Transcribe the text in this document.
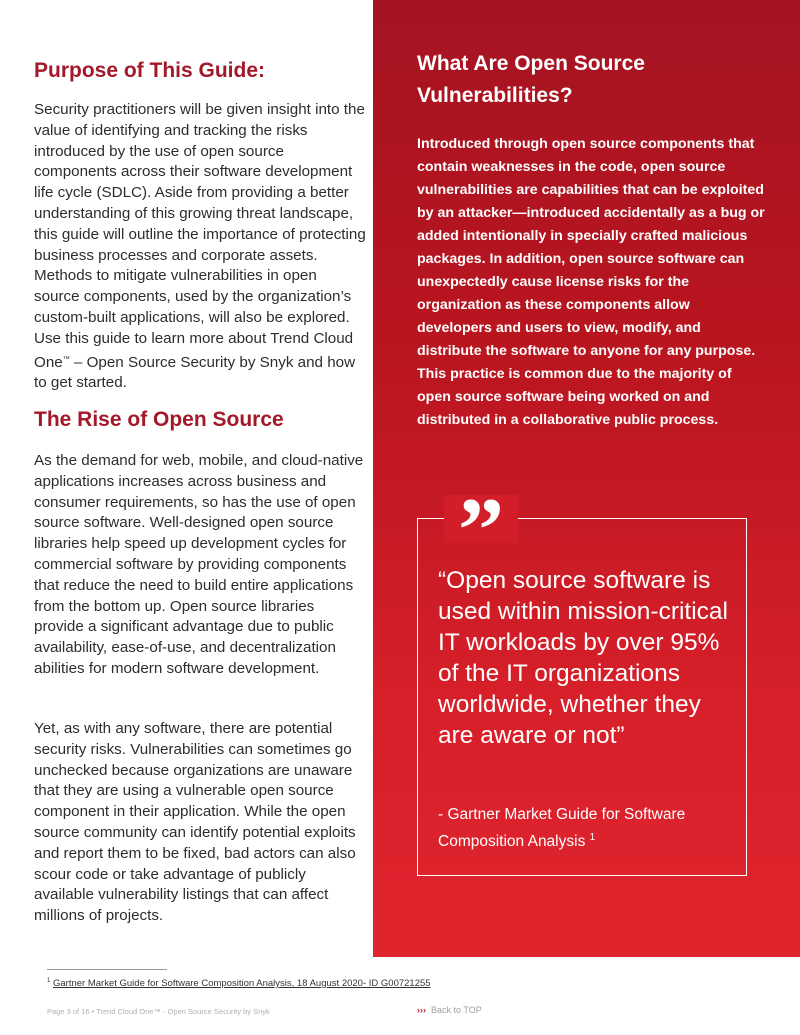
Purpose of This Guide:

Security practitioners will be given insight into the value of identifying and tracking the risks introduced by the use of open source components across their software development life cycle (SDLC). Aside from providing a better understanding of this growing threat landscape, this guide will outline the importance of protecting business processes and corporate assets. Methods to mitigate vulnerabilities in open source components, used by the organization’s custom-built applications, will also be explored. Use this guide to learn more about Trend Cloud One™ – Open Source Security by Snyk and how to get started.

The Rise of Open Source

As the demand for web, mobile, and cloud-native applications increases across business and consumer requirements, so has the use of open source software. Well-designed open source libraries help speed up development cycles for commercial software by providing components that reduce the need to build entire applications from the bottom up. Open source libraries provide a significant advantage due to public availability, ease-of-use, and decentralization abilities for modern software development.

Yet, as with any software, there are potential security risks. Vulnerabilities can sometimes go unchecked because organizations are unaware that they are using a vulnerable open source component in their application. While the open source community can identify potential exploits and report them to be fixed, bad actors can also scour code or take advantage of publicly available vulnerability listings that can affect millions of projects.

What Are Open Source Vulnerabilities?

Introduced through open source components that contain weaknesses in the code, open source vulnerabilities are capabilities that can be exploited by an attacker—introduced accidentally as a bug or added intentionally in specially crafted malicious packages. In addition, open source software can unexpectedly cause license risks for the organization as these components allow developers and users to view, modify, and distribute the software to anyone for any purpose. This practice is common due to the majority of open source software being worked on and distributed in a collaborative public process.

”

“Open source software is used within mission-critical IT workloads by over 95% of the IT organizations worldwide, whether they are aware or not”

- Gartner Market Guide for Software Composition Analysis $^1$

$^1$ Gartner Market Guide for Software Composition Analysis, 18 August 2020- ID G00721255
Page 3 of 16 • Trend Cloud One™ - Open Source Security by Snyk	››› Back to TOP
